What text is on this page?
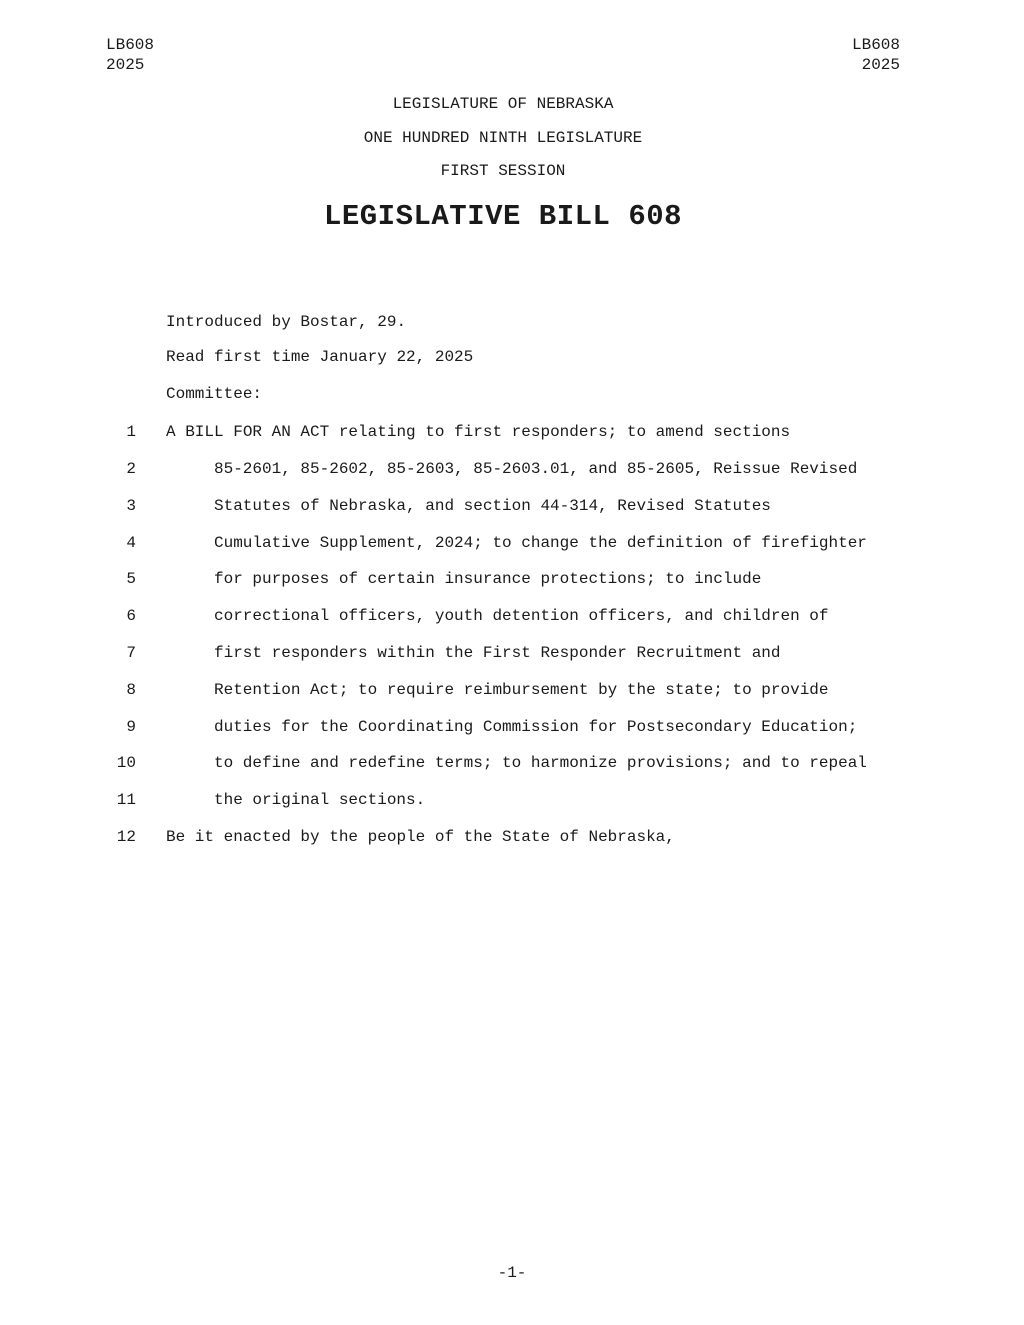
LB608
2025
LB608
2025
LEGISLATURE OF NEBRASKA
ONE HUNDRED NINTH LEGISLATURE
FIRST SESSION
LEGISLATIVE BILL 608
Introduced by Bostar, 29.
Read first time January 22, 2025
Committee:
1 A BILL FOR AN ACT relating to first responders; to amend sections
2	85-2601, 85-2602, 85-2603, 85-2603.01, and 85-2605, Reissue Revised
3	Statutes of Nebraska, and section 44-314, Revised Statutes
4	Cumulative Supplement, 2024; to change the definition of firefighter
5	for purposes of certain insurance protections; to include
6	correctional officers, youth detention officers, and children of
7	first responders within the First Responder Recruitment and
8	Retention Act; to require reimbursement by the state; to provide
9	duties for the Coordinating Commission for Postsecondary Education;
10	to define and redefine terms; to harmonize provisions; and to repeal
11	the original sections.
12 Be it enacted by the people of the State of Nebraska,
-1-
